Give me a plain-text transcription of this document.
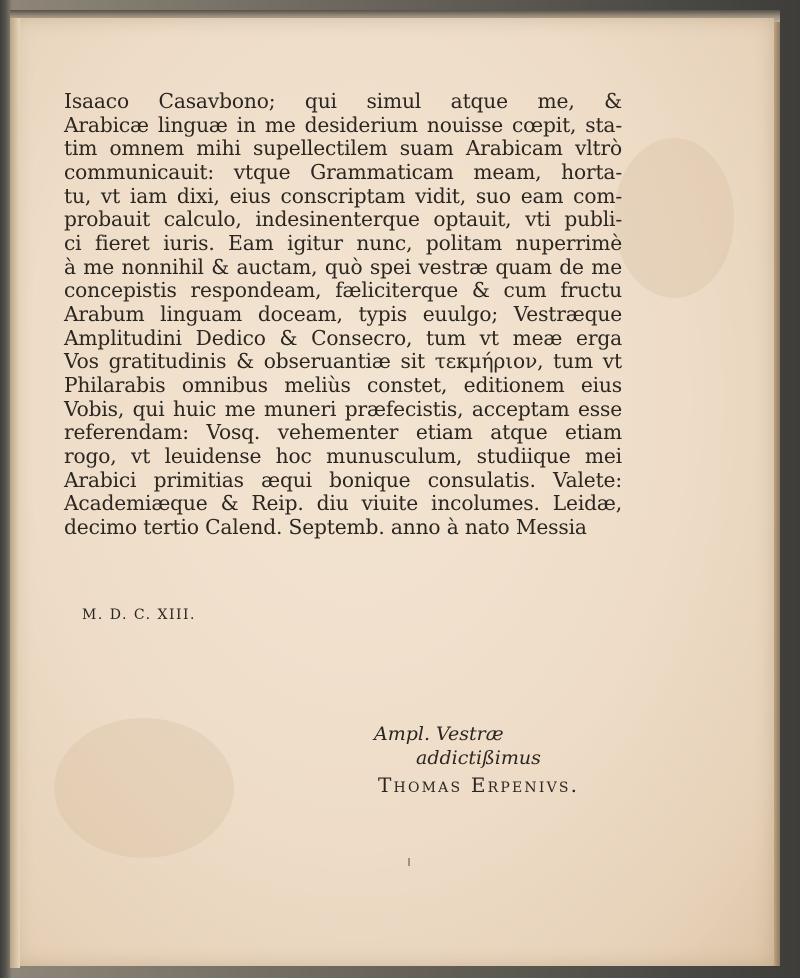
Isaaco Casavbono; qui simul atque me, &
Arabicæ linguæ in me desiderium nouisse cœpit, sta-
tim omnem mihi supellectilem suam Arabicam vltrò
communicauit: vtque Grammaticam meam, horta-
tu, vt iam dixi, eius conscriptam vidit, suo eam com-
probauit calculo, indesinenterque optauit, vti publi-
ci fieret iuris. Eam igitur nunc, politam nuperrimè
à me nonnihil & auctam, quò spei vestræ quam de me
concepistis respondeam, fæliciterque & cum fructu
Arabum linguam doceam, typis euulgo; Vestræque
Amplitudini Dedico & Consecro, tum vt meæ erga
Vos gratitudinis & obseruantiæ sit τεκμήριον, tum vt
Philarabis omnibus meliùs constet, editionem eius
Vobis, qui huic me muneri præfecistis, acceptam esse
referendam: Vosq. vehementer etiam atque etiam
rogo, vt leuidense hoc munusculum, studiique mei
Arabici primitias æqui bonique consulatis. Valete:
Academiæque & Reip. diu viuite incolumes. Leidæ,
decimo tertio Calend. Septemb. anno à nato Messia
M. D. C. XIII.
Ampl. Vestræ
addictißimus
Thomas Erpenivs.
